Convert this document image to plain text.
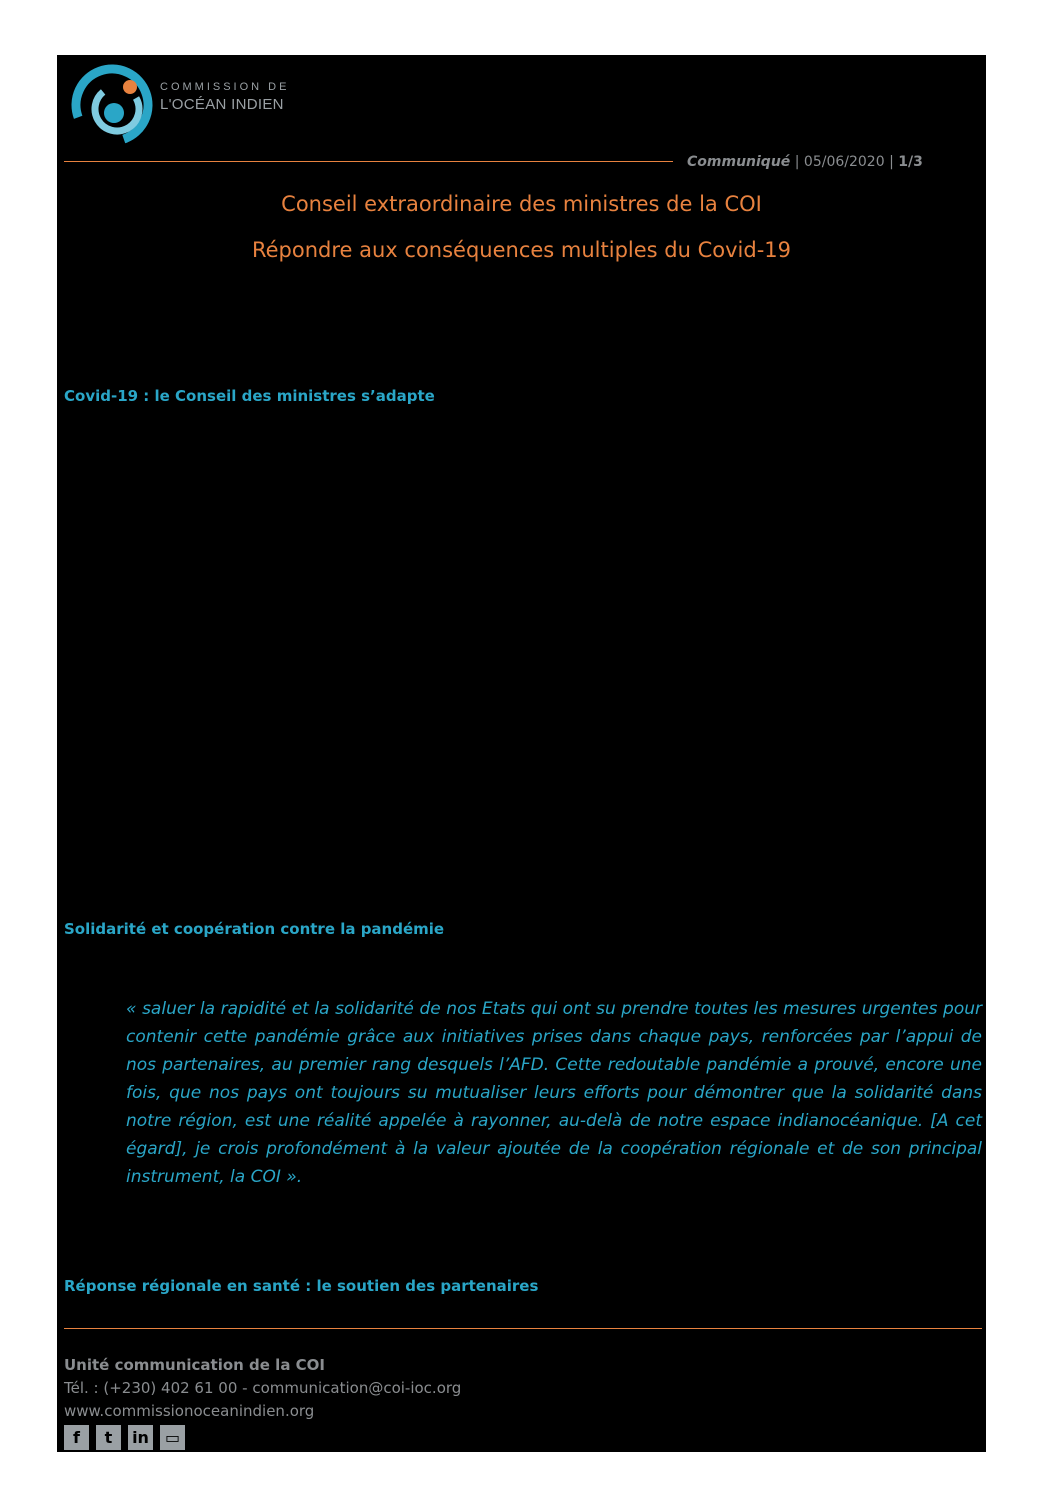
COMMISSION DE
L'OCÉAN INDIEN
Communiqué | 05/06/2020 | 1/3
Conseil extraordinaire des ministres de la COI
Répondre aux conséquences multiples du Covid-19
Covid-19 : le Conseil des ministres s’adapte
Solidarité et coopération contre la pandémie
« saluer la rapidité et la solidarité de nos Etats qui ont su prendre toutes les mesures urgentes pour contenir cette pandémie grâce aux initiatives prises dans chaque pays, renforcées par l’appui de nos partenaires, au premier rang desquels l’AFD. Cette redoutable pandémie a prouvé, encore une fois, que nos pays ont toujours su mutualiser leurs efforts pour démontrer que la solidarité dans notre région, est une réalité appelée à rayonner, au-delà de notre espace indianocéanique. [A cet égard], je crois profondément à la valeur ajoutée de la coopération régionale et de son principal instrument, la COI ».
Réponse régionale en santé : le soutien des partenaires
Unité communication de la COI
Tél. : (+230) 402 61 00 - communication@coi-ioc.org
www.commissionoceanindien.org
f	t	in	▭
